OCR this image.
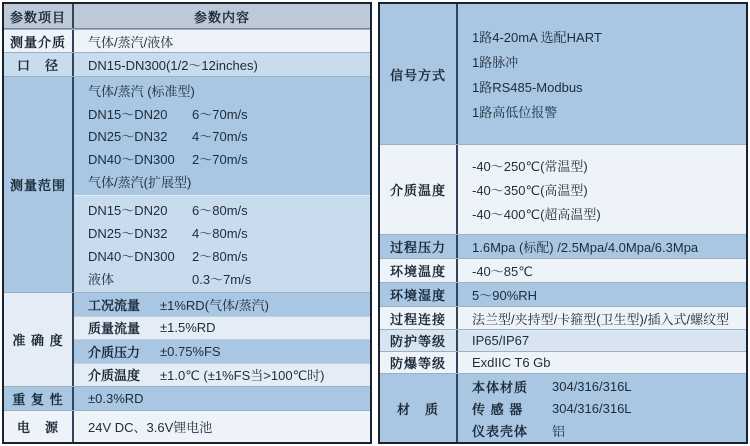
参数项目	参数内容
测量介质	气体/蒸汽/液体
口　径	DN15-DN300(1/2～12inches)
测量范围
气体/蒸汽 (标准型)
DN15～DN20	6～70m/s
DN25～DN32	4～70m/s
DN40～DN300	2～70m/s
气体/蒸汽(扩展型)
DN15～DN20	6～80m/s
DN25～DN32	4～80m/s
DN40～DN300	2～80m/s
液体	0.3～7m/s
准 确 度
工况流量	±1%RD(气体/蒸汽)
质量流量	±1.5%RD
介质压力	±0.75%FS
介质温度	±1.0℃ (±1%FS当>100℃时)
重 复 性	±0.3%RD
电　源	24V DC、3.6V锂电池
信号方式
1路4-20mA 选配HART
1路脉冲
1路RS485-Modbus
1路高低位报警
介质温度
-40～250℃(常温型)
-40～350℃(高温型)
-40～400℃(超高温型)
过程压力	1.6Mpa (标配) /2.5Mpa/4.0Mpa/6.3Mpa
环境温度	-40～85℃
环境湿度	5～90%RH
过程连接	法兰型/夹持型/卡箍型(卫生型)/插入式/螺纹型
防护等级	IP65/IP67
防爆等级	ExdIIC T6 Gb
材　质
本体材质	304/316/316L
传 感 器	304/316/316L
仪表壳体	铝
